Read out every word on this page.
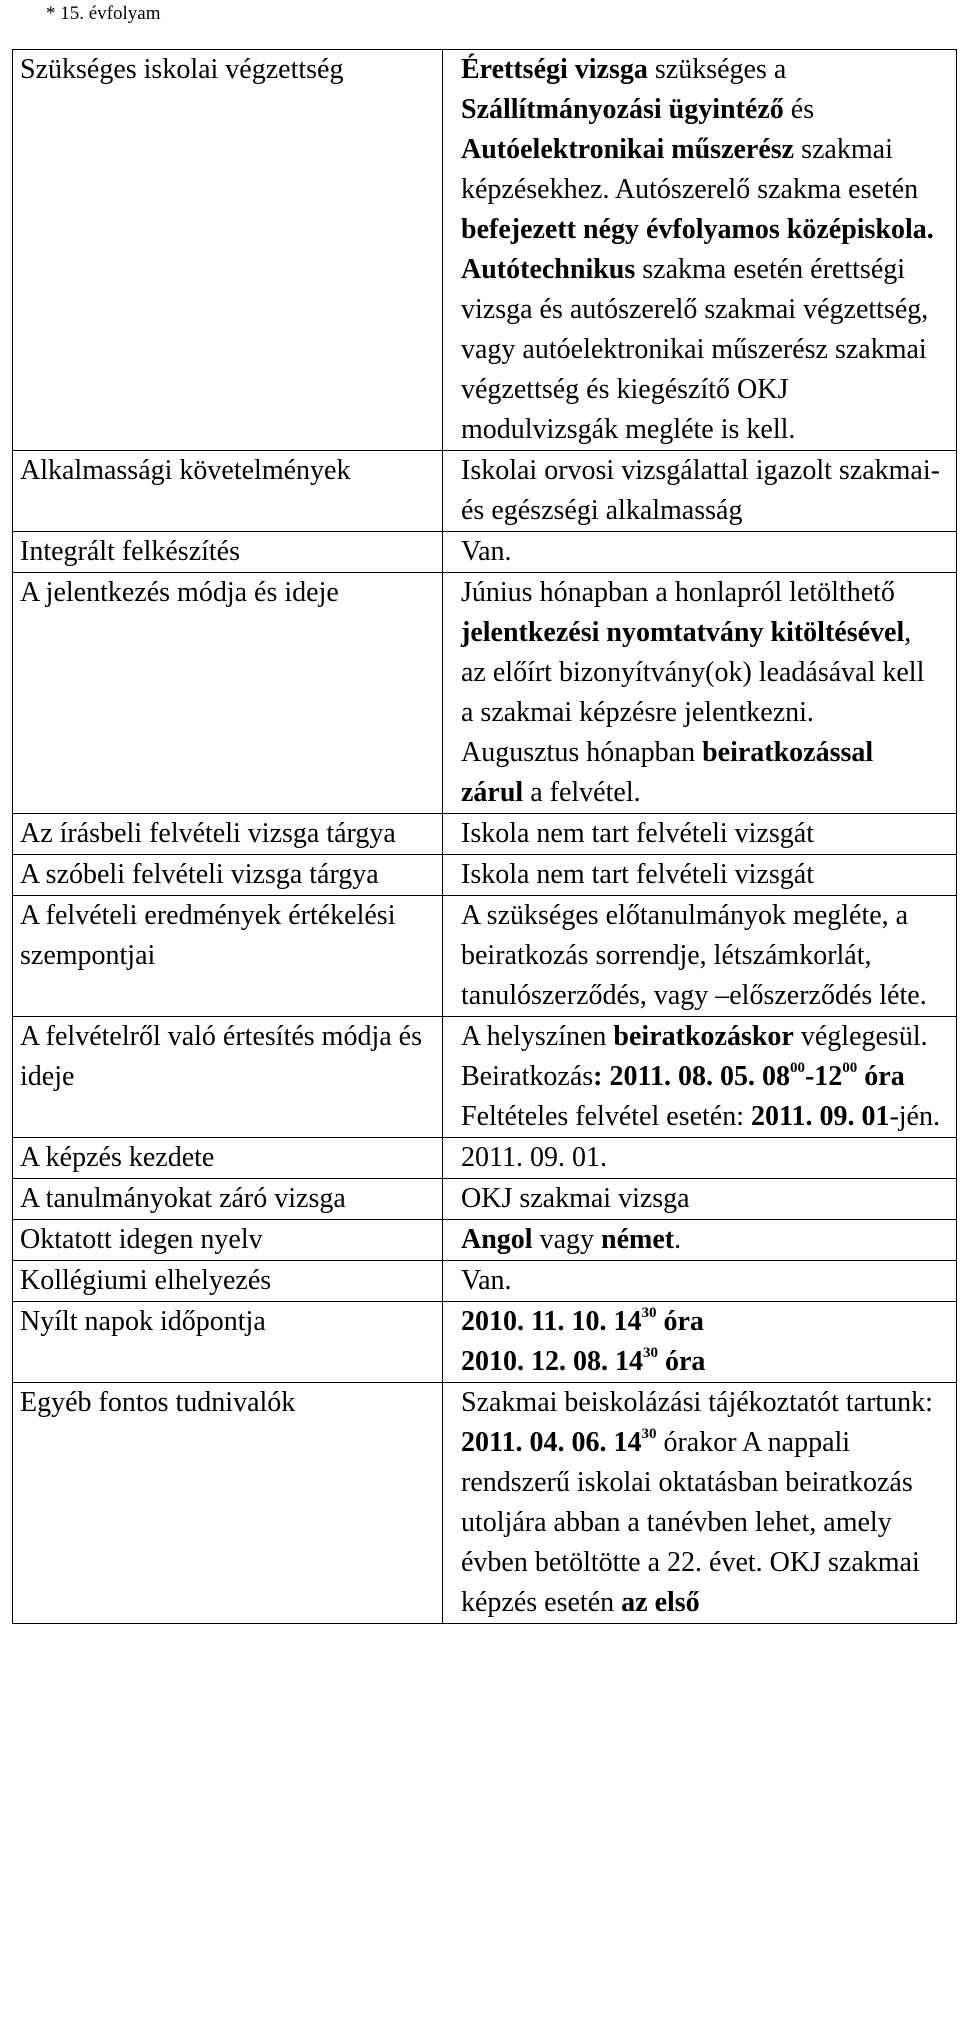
* 15. évfolyam
Szükséges iskolai végzettség	Érettségi vizsga szükséges a Szállítmányozási ügyintéző és Autóelektronikai műszerész szakmai képzésekhez. Autószerelő szakma esetén befejezett négy évfolyamos középiskola. Autótechnikus szakma esetén érettségi vizsga és autószerelő szakmai végzettség, vagy autóelektronikai műszerész szakmai végzettség és kiegészítő OKJ modulvizsgák megléte is kell.
Alkalmassági követelmények	Iskolai orvosi vizsgálattal igazolt szakmai- és egészségi alkalmasság
Integrált felkészítés	Van.
A jelentkezés módja és ideje	Június hónapban a honlapról letölthető jelentkezési nyomtatvány kitöltésével, az előírt bizonyítvány(ok) leadásával kell a szakmai képzésre jelentkezni. Augusztus hónapban beiratkozással zárul a felvétel.
Az írásbeli felvételi vizsga tárgya	Iskola nem tart felvételi vizsgát
A szóbeli felvételi vizsga tárgya	Iskola nem tart felvételi vizsgát
A felvételi eredmények értékelési szempontjai	A szükséges előtanulmányok megléte, a beiratkozás sorrendje, létszámkorlát, tanulószerződés, vagy –előszerződés léte.
A felvételről való értesítés módja és ideje	A helyszínen beiratkozáskor véglegesül. Beiratkozás: 2011. 08. 05. $08^{00}-12^{00}$ óra
Feltételes felvétel esetén: 2011. 09. 01-jén.
A képzés kezdete	2011. 09. 01.
A tanulmányokat záró vizsga	OKJ szakmai vizsga
Oktatott idegen nyelv	Angol vagy német.
Kollégiumi elhelyezés	Van.
Nyílt napok időpontja	2010. 11. 10. $14^{30}$ óra
2010. 12. 08. $14^{30}$ óra
Egyéb fontos tudnivalók	Szakmai beiskolázási tájékoztatót tartunk: 2011. 04. 06. $14^{30}$ órakor A nappali rendszerű iskolai oktatásban beiratkozás utoljára abban a tanévben lehet, amely évben betöltötte a 22. évet. OKJ szakmai képzés esetén az első
